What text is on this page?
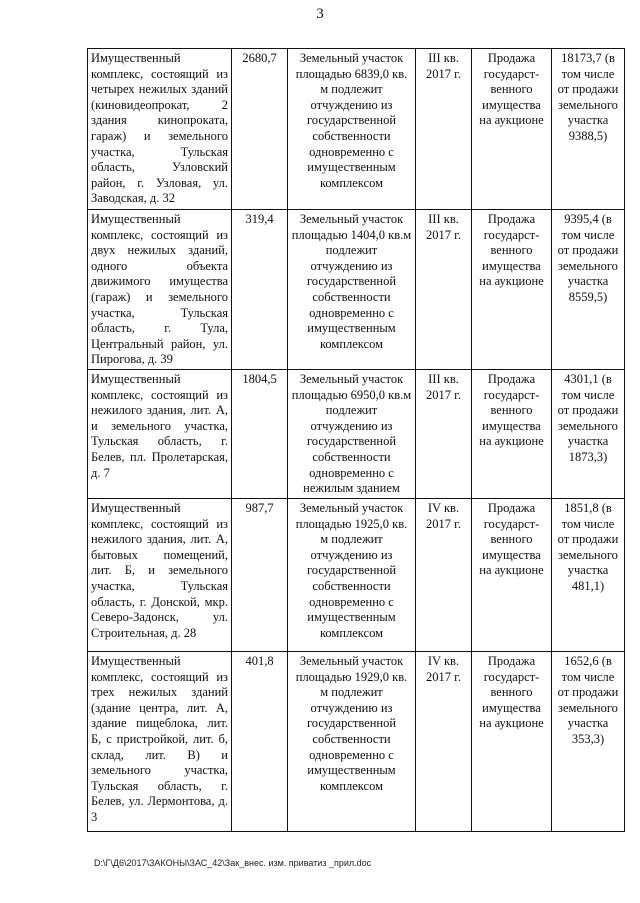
3
Имущественный комплекс, состоящий из четырех нежилых зданий (киновидеопрокат, 2 здания кинопроката, гараж) и земельного участка, Тульская область, Узловский район, г. Узловая, ул. Заводская, д. 32	2680,7	Земельный участок площадью 6839,0 кв. м подлежит отчуждению из государственной собственности одновременно с имущественным комплексом	III кв. 2017 г.	Продажа государст-венного имущества на аукционе	18173,7 (в том числе от продажи земельного участка 9388,5)
Имущественный комплекс, состоящий из двух нежилых зданий, одного объекта движимого имущества (гараж) и земельного участка, Тульская область, г. Тула, Центральный район, ул. Пирогова, д. 39	319,4	Земельный участок площадью 1404,0 кв.м подлежит отчуждению из государственной собственности одновременно с имущественным комплексом	III кв. 2017 г.	Продажа государст-венного имущества на аукционе	9395,4 (в том числе от продажи земельного участка 8559,5)
Имущественный комплекс, состоящий из нежилого здания, лит. А, и земельного участка, Тульская область, г. Белев, пл. Пролетарская, д. 7	1804,5	Земельный участок площадью 6950,0 кв.м подлежит отчуждению из государственной собственности одновременно с нежилым зданием	III кв. 2017 г.	Продажа государст-венного имущества на аукционе	4301,1 (в том числе от продажи земельного участка 1873,3)
Имущественный комплекс, состоящий из нежилого здания, лит. А, бытовых помещений, лит. Б, и земельного участка, Тульская область, г. Донской, мкр. Северо-Задонск, ул. Строительная, д. 28	987,7	Земельный участок площадью 1925,0 кв. м подлежит отчуждению из государственной собственности одновременно с имущественным комплексом	IV кв. 2017 г.	Продажа государст-венного имущества на аукционе	1851,8 (в том числе от продажи земельного участка 481,1)
Имущественный комплекс, состоящий из трех нежилых зданий (здание центра, лит. А, здание пищеблока, лит. Б, с пристройкой, лит. б, склад, лит. В) и земельного участка, Тульская область, г. Белев, ул. Лермонтова, д. 3	401,8	Земельный участок площадью 1929,0 кв. м подлежит отчуждению из государственной собственности одновременно с имущественным комплексом	IV кв. 2017 г.	Продажа государст-венного имущества на аукционе	1652,6 (в том числе от продажи земельного участка 353,3)
D:\Г\Д6\2017\ЗАКОНЫ\ЗАС_42\Зак_внес. изм. приватиз _прил.doc
